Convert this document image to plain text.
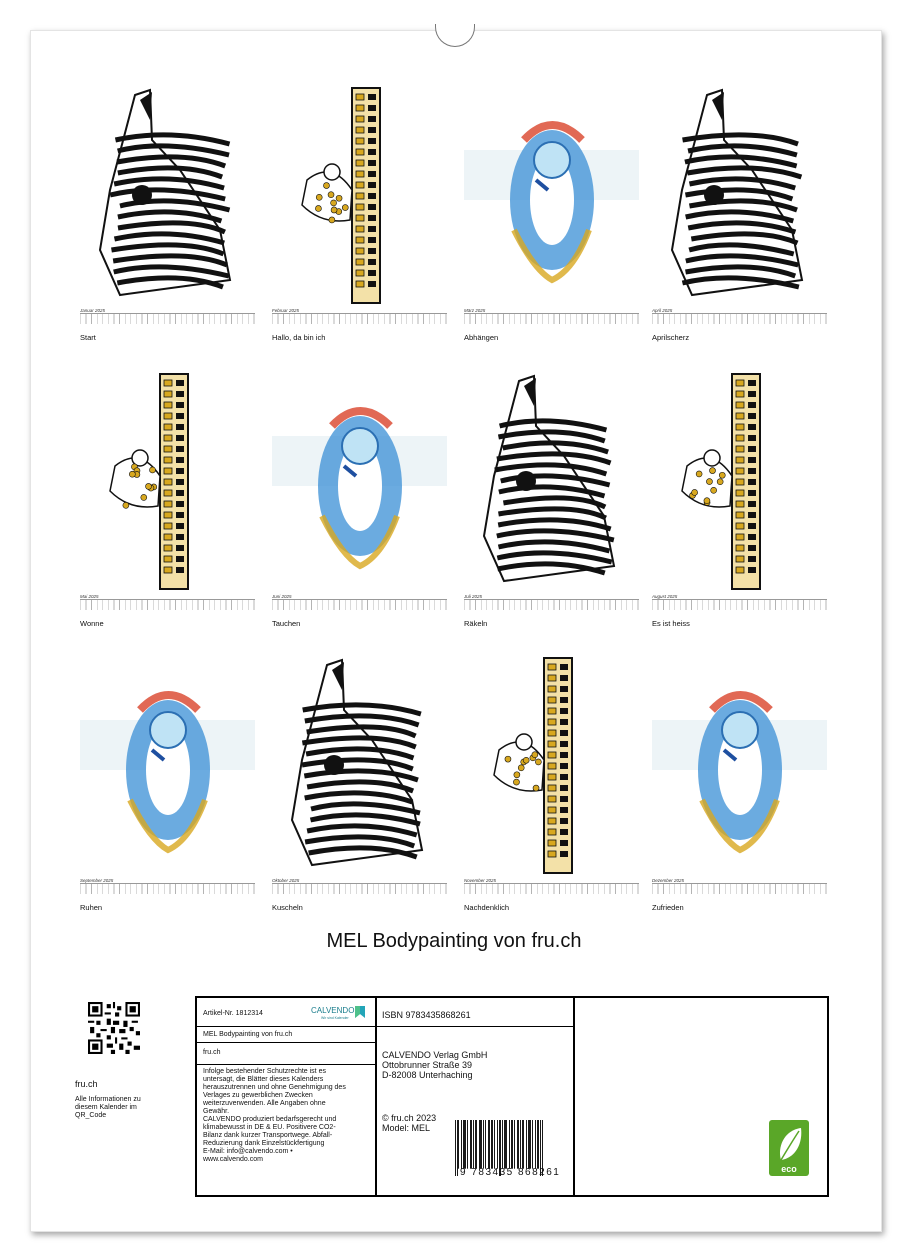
Januar 2025
Start
Februar 2025
Hallo, da bin ich
März 2025
Abhängen
April 2025
Aprilscherz
Mai 2025
Wonne
Juni 2025
Tauchen
Juli 2025
Räkeln
August 2025
Es ist heiss
September 2025
Ruhen
Oktober 2025
Kuscheln
November 2025
Nachdenklich
Dezember 2025
Zufrieden
MEL Bodypainting von fru.ch
fru.ch
Alle Informationen zu
diesem Kalender im
QR_Code
Artikel-Nr. 1812314	CALVENDO
Wir sind Kalender
MEL Bodypainting von fru.ch
fru.ch
Infolge bestehender Schutzrechte ist es
untersagt, die Blätter dieses Kalenders
herauszutrennen und ohne Genehmigung des
Verlages zu gewerblichen Zwecken
weiterzuverwenden. Alle Angaben ohne
Gewähr.
CALVENDO produziert bedarfsgerecht und
klimabewusst in DE & EU. Positivere CO2-
Bilanz dank kurzer Transportwege. Abfall-
Reduzierung dank Einzelstückfertigung
E-Mail: info@calvendo.com •
www.calvendo.com
ISBN 9783435868261
CALVENDO Verlag GmbH
Ottobrunner Straße 39
D-82008 Unterhaching
© fru.ch 2023
Model: MEL
9 783435 868261	eco
